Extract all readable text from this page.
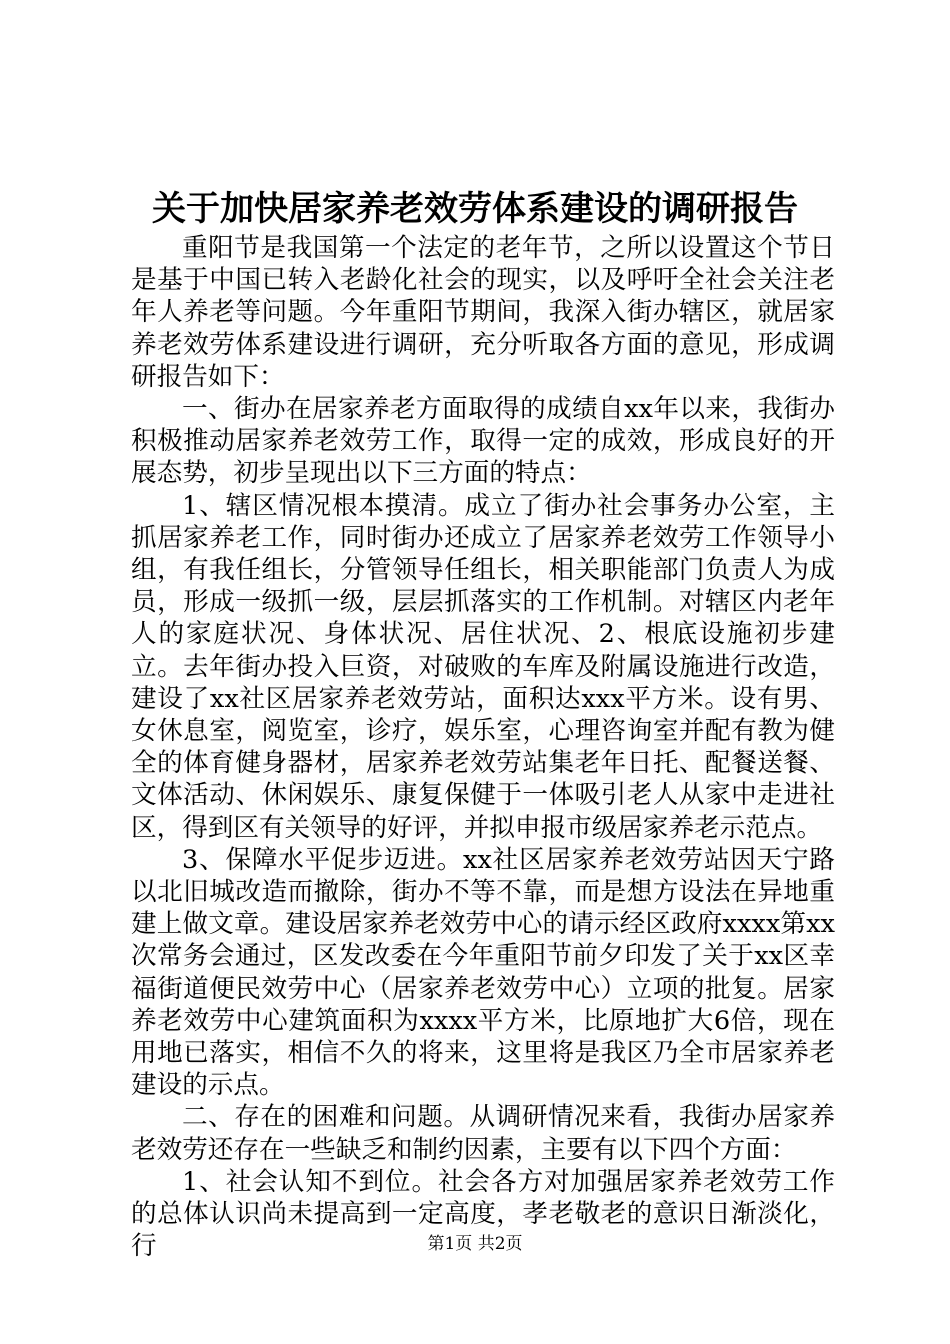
关于加快居家养老效劳体系建设的调研报告

重阳节是我国第一个法定的老年节，之所以设置这个节日是基于中国已转入老龄化社会的现实，以及呼吁全社会关注老年人养老等问题。今年重阳节期间，我深入街办辖区，就居家养老效劳体系建设进行调研，充分听取各方面的意见，形成调研报告如下：

一、街办在居家养老方面取得的成绩自xx年以来，我街办积极推动居家养老效劳工作，取得一定的成效，形成良好的开展态势，初步呈现出以下三方面的特点：

1、辖区情况根本摸清。成立了街办社会事务办公室，主抓居家养老工作，同时街办还成立了居家养老效劳工作领导小组，有我任组长，分管领导任组长，相关职能部门负责人为成员，形成一级抓一级，层层抓落实的工作机制。对辖区内老年人的家庭状况、身体状况、居住状况、2、根底设施初步建立。去年街办投入巨资，对破败的车库及附属设施进行改造，建设了xx社区居家养老效劳站，面积达xxx平方米。设有男、女休息室，阅览室，诊疗，娱乐室，心理咨询室并配有教为健全的体育健身器材，居家养老效劳站集老年日托、配餐送餐、文体活动、休闲娱乐、康复保健于一体吸引老人从家中走进社区，得到区有关领导的好评，并拟申报市级居家养老示范点。

3、保障水平促步迈进。xx社区居家养老效劳站因天宁路以北旧城改造而撤除，街办不等不靠，而是想方设法在异地重建上做文章。建设居家养老效劳中心的请示经区政府xxxx第xx次常务会通过，区发改委在今年重阳节前夕印发了关于xx区幸福街道便民效劳中心（居家养老效劳中心）立项的批复。居家养老效劳中心建筑面积为xxxx平方米，比原地扩大6倍，现在用地已落实，相信不久的将来，这里将是我区乃全市居家养老建设的示点。

二、存在的困难和问题。从调研情况来看，我街办居家养老效劳还存在一些缺乏和制约因素，主要有以下四个方面：

1、社会认知不到位。社会各方对加强居家养老效劳工作的总体认识尚未提高到一定高度，孝老敬老的意识日渐淡化，行	第1页 共2页
